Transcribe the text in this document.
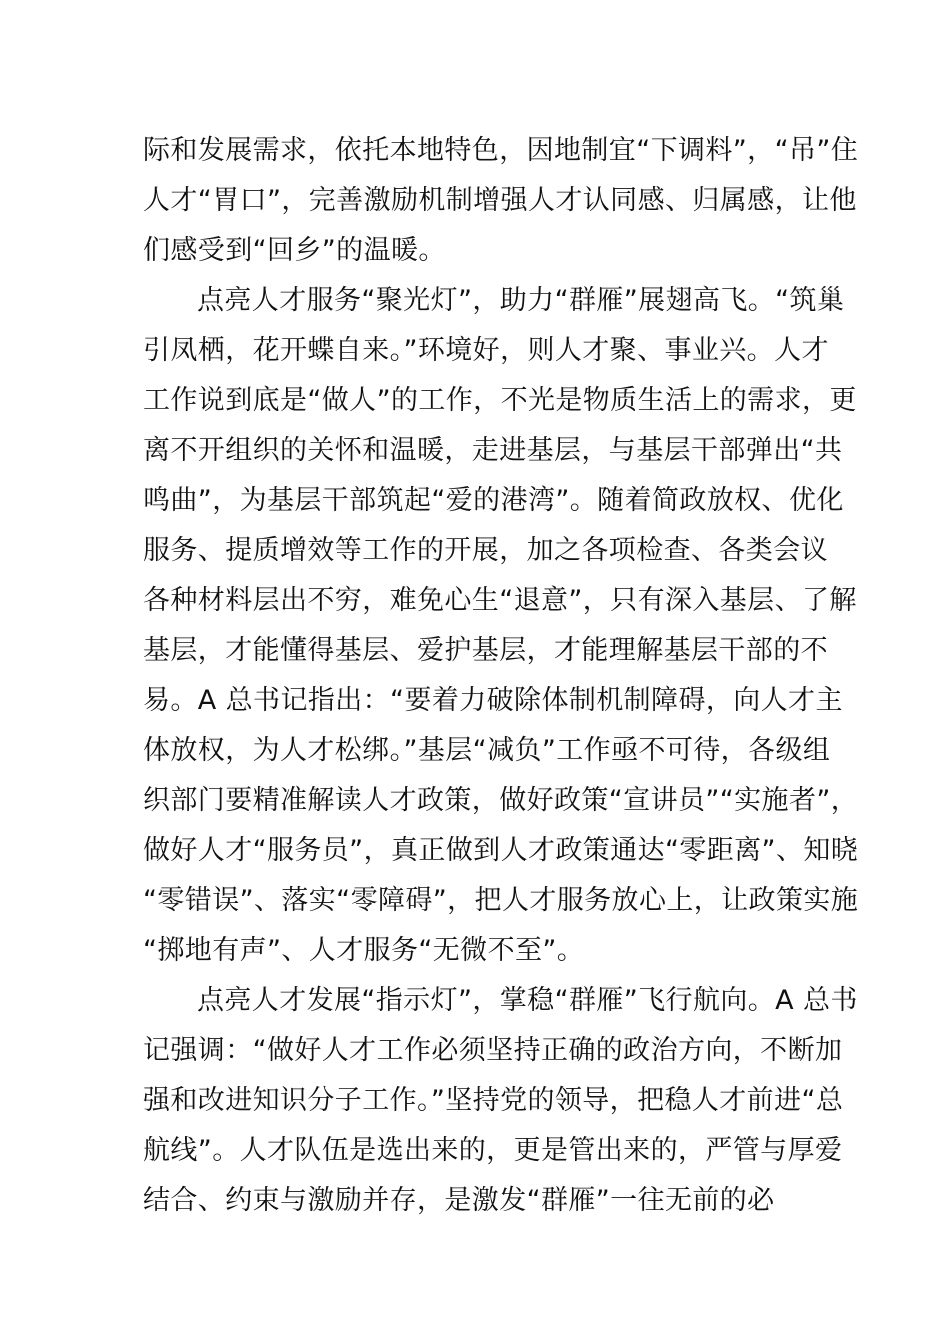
际和发展需求，依托本地特色，因地制宜“下调料”，“吊”住
人才“胃口”，完善激励机制增强人才认同感、归属感，让他
们感受到“回乡”的温暖。
点亮人才服务“聚光灯”，助力“群雁”展翅高飞。“筑巢
引凤栖，花开蝶自来。”环境好，则人才聚、事业兴。人才
工作说到底是“做人”的工作，不光是物质生活上的需求，更
离不开组织的关怀和温暖，走进基层，与基层干部弹出“共
鸣曲”，为基层干部筑起“爱的港湾”。随着简政放权、优化
服务、提质增效等工作的开展，加之各项检查、各类会议
各种材料层出不穷，难免心生“退意”，只有深入基层、了解
基层，才能懂得基层、爱护基层，才能理解基层干部的不
易。A 总书记指出：“要着力破除体制机制障碍，向人才主
体放权，为人才松绑。”基层“减负”工作亟不可待，各级组
织部门要精准解读人才政策，做好政策“宣讲员”“实施者”，
做好人才“服务员”，真正做到人才政策通达“零距离”、知晓
“零错误”、落实“零障碍”，把人才服务放心上，让政策实施
“掷地有声”、人才服务“无微不至”。
点亮人才发展“指示灯”，掌稳“群雁”飞行航向。A 总书
记强调：“做好人才工作必须坚持正确的政治方向，不断加
强和改进知识分子工作。”坚持党的领导，把稳人才前进“总
航线”。人才队伍是选出来的，更是管出来的，严管与厚爱
结合、约束与激励并存，是激发“群雁”一往无前的必
